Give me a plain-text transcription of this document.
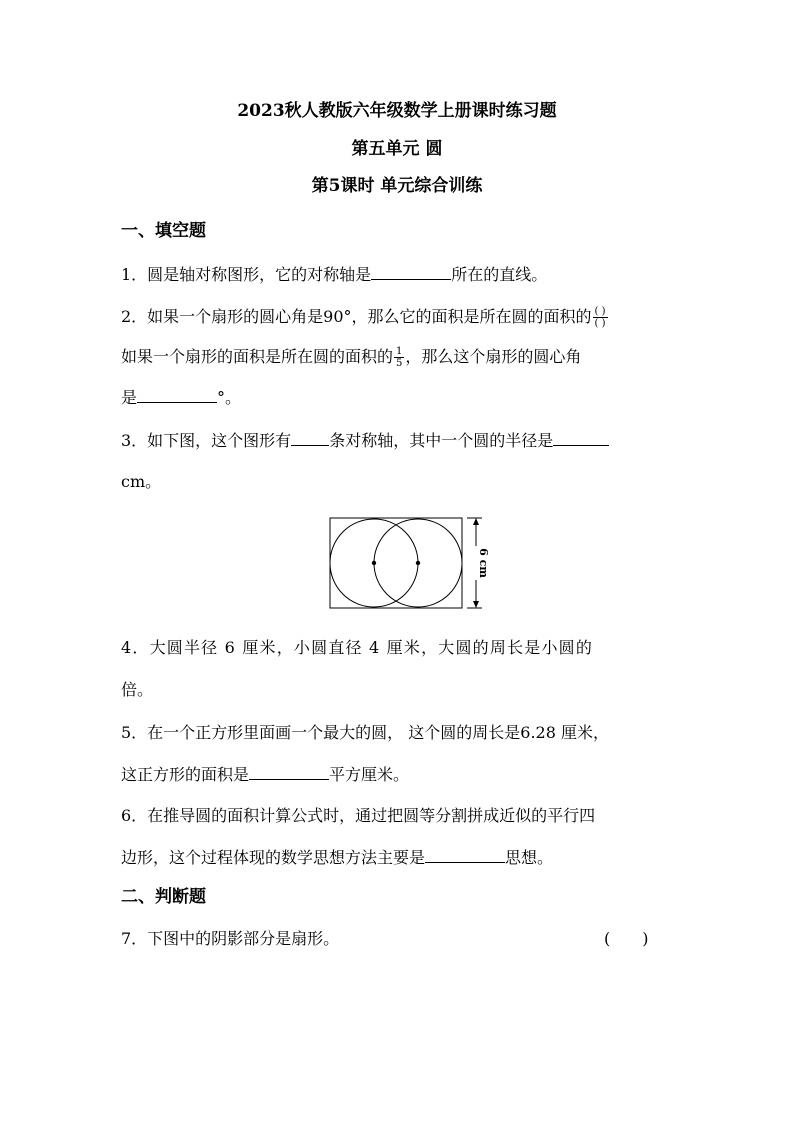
2023秋人教版六年级数学上册课时练习题
第五单元 圆
第5课时 单元综合训练
一、填空题
1．圆是轴对称图形，它的对称轴是	所在的直线。
2．如果一个扇形的圆心角是90°，那么它的面积是所在圆的面积的 $\frac{( )}{( )}$
如果一个扇形的面积是所在圆的面积的 $\frac{1}{5}$ ，那么这个扇形的圆心角
是	°。
3．如下图，这个图形有 条对称轴，其中一个圆的半径是
cm。
6 cm
4．大圆半径 6 厘米，小圆直径 4 厘米，大圆的周长是小圆的
倍。
5．在一个正方形里面画一个最大的圆， 这个圆的周长是6.28 厘米，
这正方形的面积是	平方厘米。
6．在推导圆的面积计算公式时，通过把圆等分割拼成近似的平行四
边形，这个过程体现的数学思想方法主要是	思想。
二、判断题
7．下图中的阴影部分是扇形。	(　　)
